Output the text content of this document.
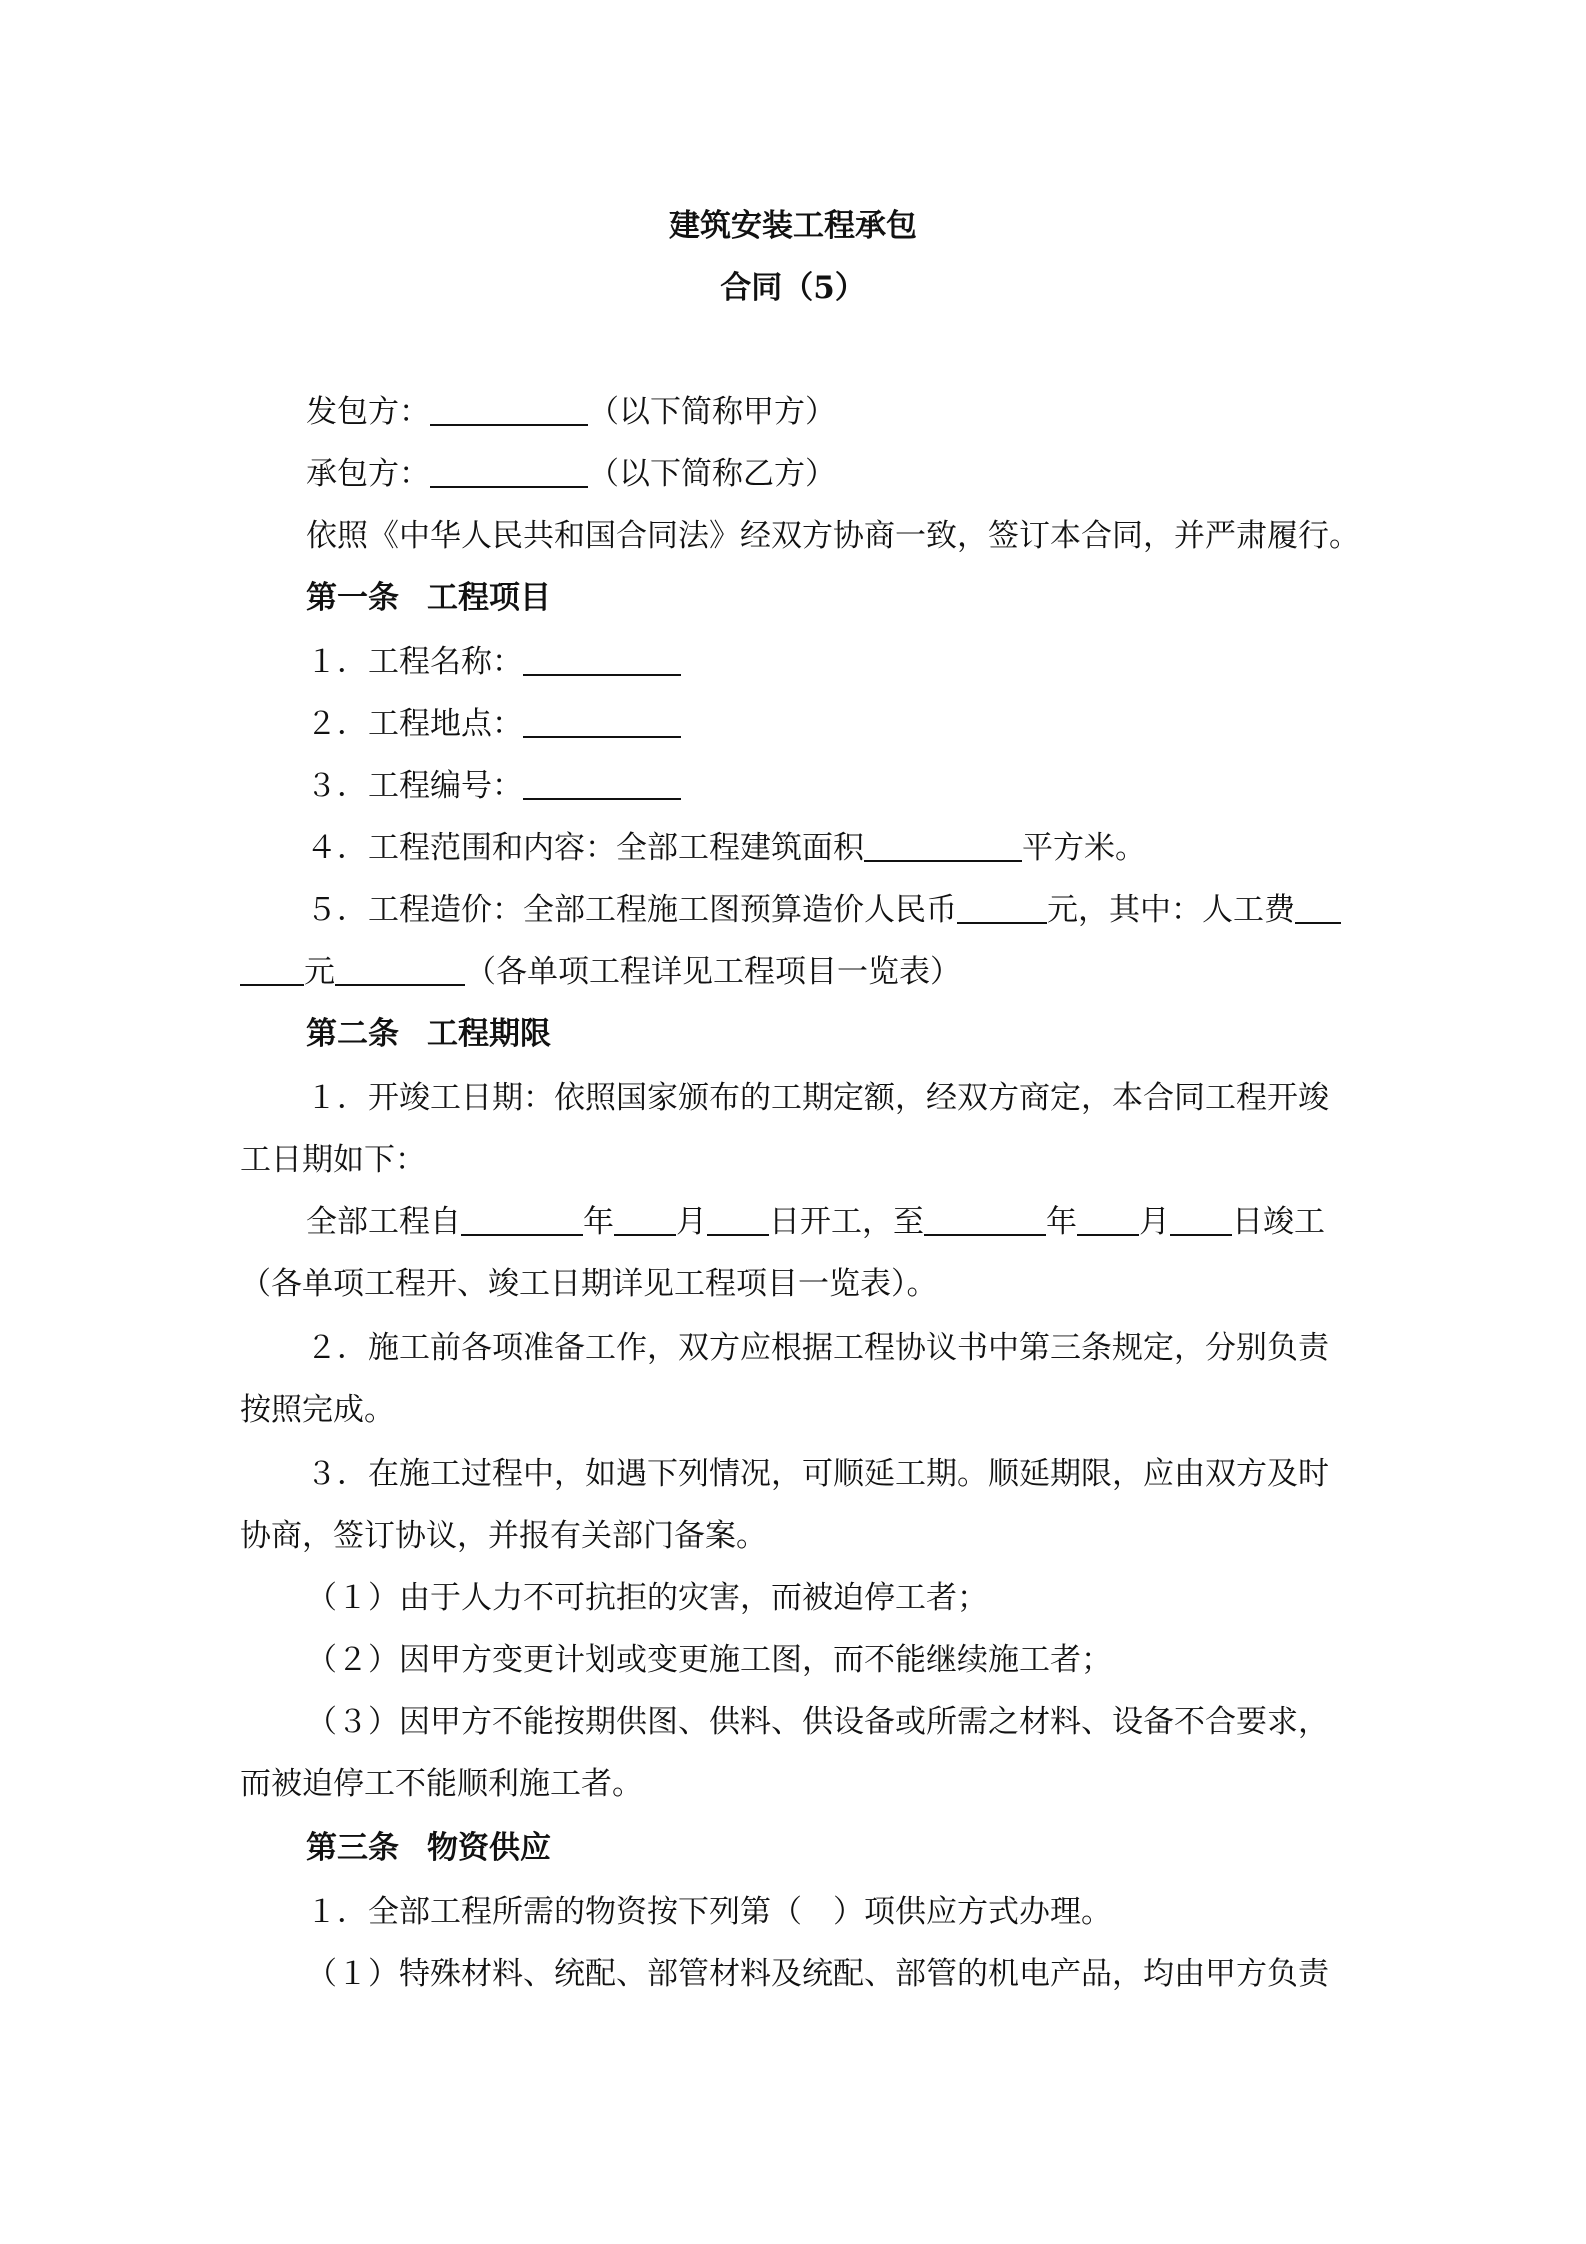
建筑安装工程承包
合同（5）
发包方：	（以下简称甲方）
承包方：	（以下简称乙方）
依照《中华人民共和国合同法》经双方协商一致，签订本合同，并严肃履行。
第一条 工程项目
１．工程名称：
２．工程地点：
３．工程编号：
４．工程范围和内容：全部工程建筑面积	平方米。
５．工程造价：全部工程施工图预算造价人民币	元，其中：人工费
元	（各单项工程详见工程项目一览表）
第二条 工程期限
１．开竣工日期：依照国家颁布的工期定额，经双方商定，本合同工程开竣
工日期如下：
全部工程自	年 月 日开工，至	年 月 日竣工
（各单项工程开、竣工日期详见工程项目一览表）。
２．施工前各项准备工作，双方应根据工程协议书中第三条规定，分别负责
按照完成。
３．在施工过程中，如遇下列情况，可顺延工期。顺延期限，应由双方及时
协商，签订协议，并报有关部门备案。
（１）由于人力不可抗拒的灾害，而被迫停工者；
（２）因甲方变更计划或变更施工图，而不能继续施工者；
（３）因甲方不能按期供图、供料、供设备或所需之材料、设备不合要求，
而被迫停工不能顺利施工者。
第三条 物资供应
１．全部工程所需的物资按下列第（　）项供应方式办理。
（１）特殊材料、统配、部管材料及统配、部管的机电产品，均由甲方负责
